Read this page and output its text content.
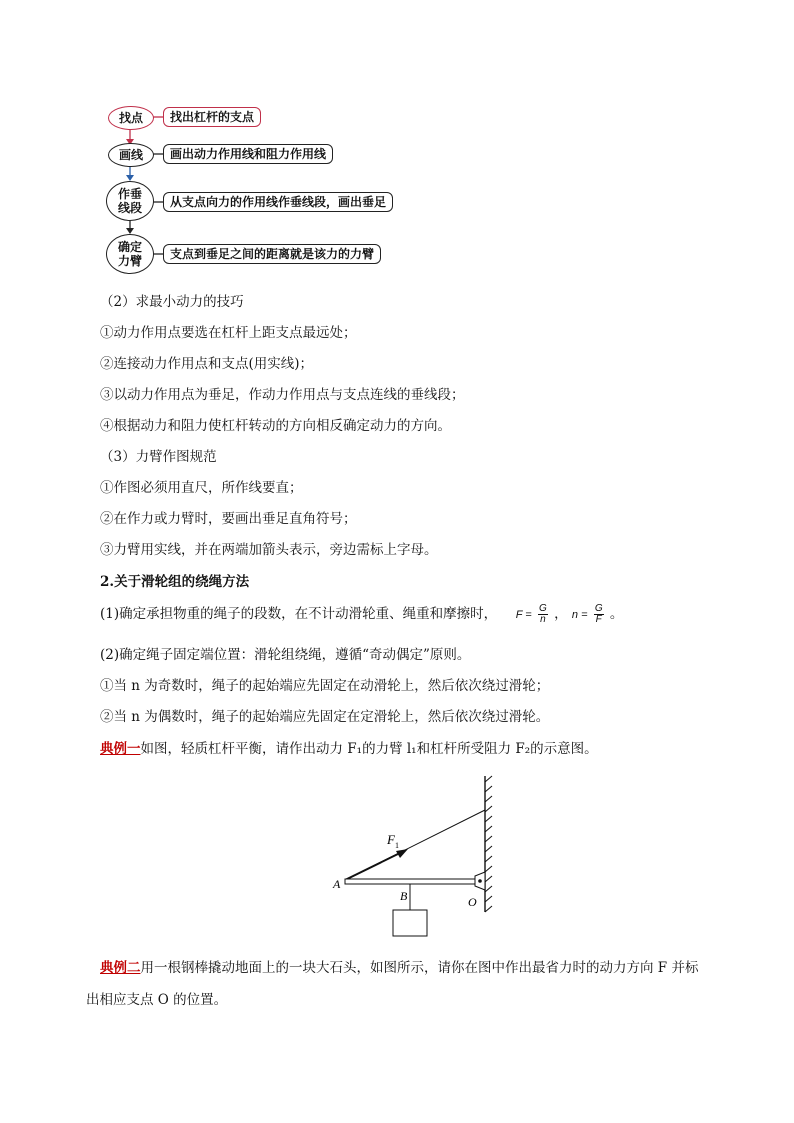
找点	找出杠杆的支点
画线	画出动力作用线和阻力作用线
作垂
线段	从支点向力的作用线作垂线段，画出垂足
确定
力臂	支点到垂足之间的距离就是该力的力臂
（2）求最小动力的技巧
①动力作用点要选在杠杆上距支点最远处；
②连接动力作用点和支点(用实线)；
③以动力作用点为垂足，作动力作用点与支点连线的垂线段；
④根据动力和阻力使杠杆转动的方向相反确定动力的方向。
（3）力臂作图规范
①作图必须用直尺，所作线要直；
②在作力或力臂时，要画出垂足直角符号；
③力臂用实线，并在两端加箭头表示，旁边需标上字母。
2.关于滑轮组的绕绳方法
(1)确定承担物重的绳子的段数，在不计动滑轮重、绳重和摩擦时， $F = \frac{G}{n}$ ， $n = \frac{G}{F}$ 。
(2)确定绳子固定端位置：滑轮组绕绳，遵循“奇动偶定”原则。
①当 n 为奇数时，绳子的起始端应先固定在动滑轮上，然后依次绕过滑轮；
②当 n 为偶数时，绳子的起始端应先固定在定滑轮上，然后依次绕过滑轮。
典例一如图，轻质杠杆平衡，请作出动力 F₁的力臂 l₁和杠杆所受阻力 F₂的示意图。
F 1
A
B	O
典例二用一根钢棒撬动地面上的一块大石头，如图所示，请你在图中作出最省力时的动力方向 F 并标
出相应支点 O 的位置。
